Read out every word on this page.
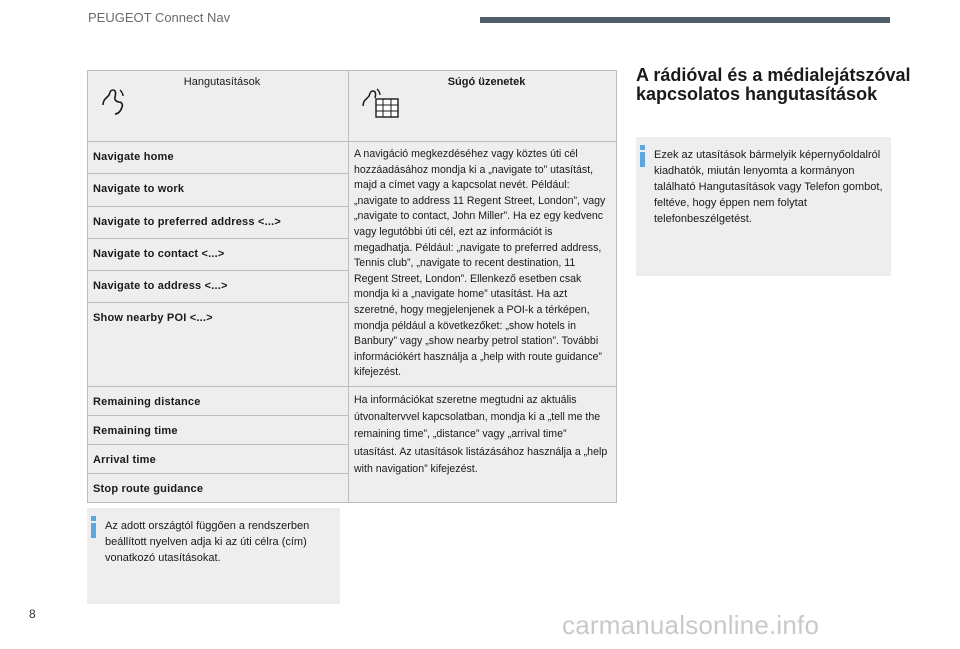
PEUGEOT Connect Nav
Hangutasítások	Súgó üzenetek

Navigate home	A navigáció megkezdéséhez vagy köztes úti cél hozzáadásához mondja ki a „navigate to” utasítást, majd a címet vagy a kapcsolat nevét. Például: „navigate to address 11 Regent Street, London”, vagy „navigate to contact, John Miller”. Ha ez egy kedvenc vagy legutóbbi úti cél, ezt az információt is megadhatja. Például: „navigate to preferred address, Tennis club”, „navigate to recent destination, 11 Regent Street, London”. Ellenkező esetben csak mondja ki a „navigate home” utasítást. Ha azt szeretné, hogy megjelenjenek a POI-k a térképen, mondja például a következőket: „show hotels in Banbury” vagy „show nearby petrol station”. További információkért használja a „help with route guidance” kifejezést.

Navigate to work	
Navigate to preferred address <...>	
Navigate to contact <...>	
Navigate to address <...>	
Show nearby POI <...>	
Remaining distance	Ha információkat szeretne megtudni az aktuális útvonaltervvel kapcsolatban, mondja ki a „tell me the remaining time”, „distance” vagy „arrival time” utasítást. Az utasítások listázásához használja a „help with navigation” kifejezést.

Remaining time	
Arrival time	
Stop route guidance	
Az adott országtól függően a rendszerben beállított nyelven adja ki az úti célra (cím) vonatkozó utasításokat.
A rádióval és a médialejátszóval kapcsolatos hangutasítások
Ezek az utasítások bármelyik képernyőoldalról kiadhatók, miután lenyomta a kormányon található Hangutasítások vagy Telefon gombot, feltéve, hogy éppen nem folytat telefonbeszélgetést.
8	carmanualsonline.info
